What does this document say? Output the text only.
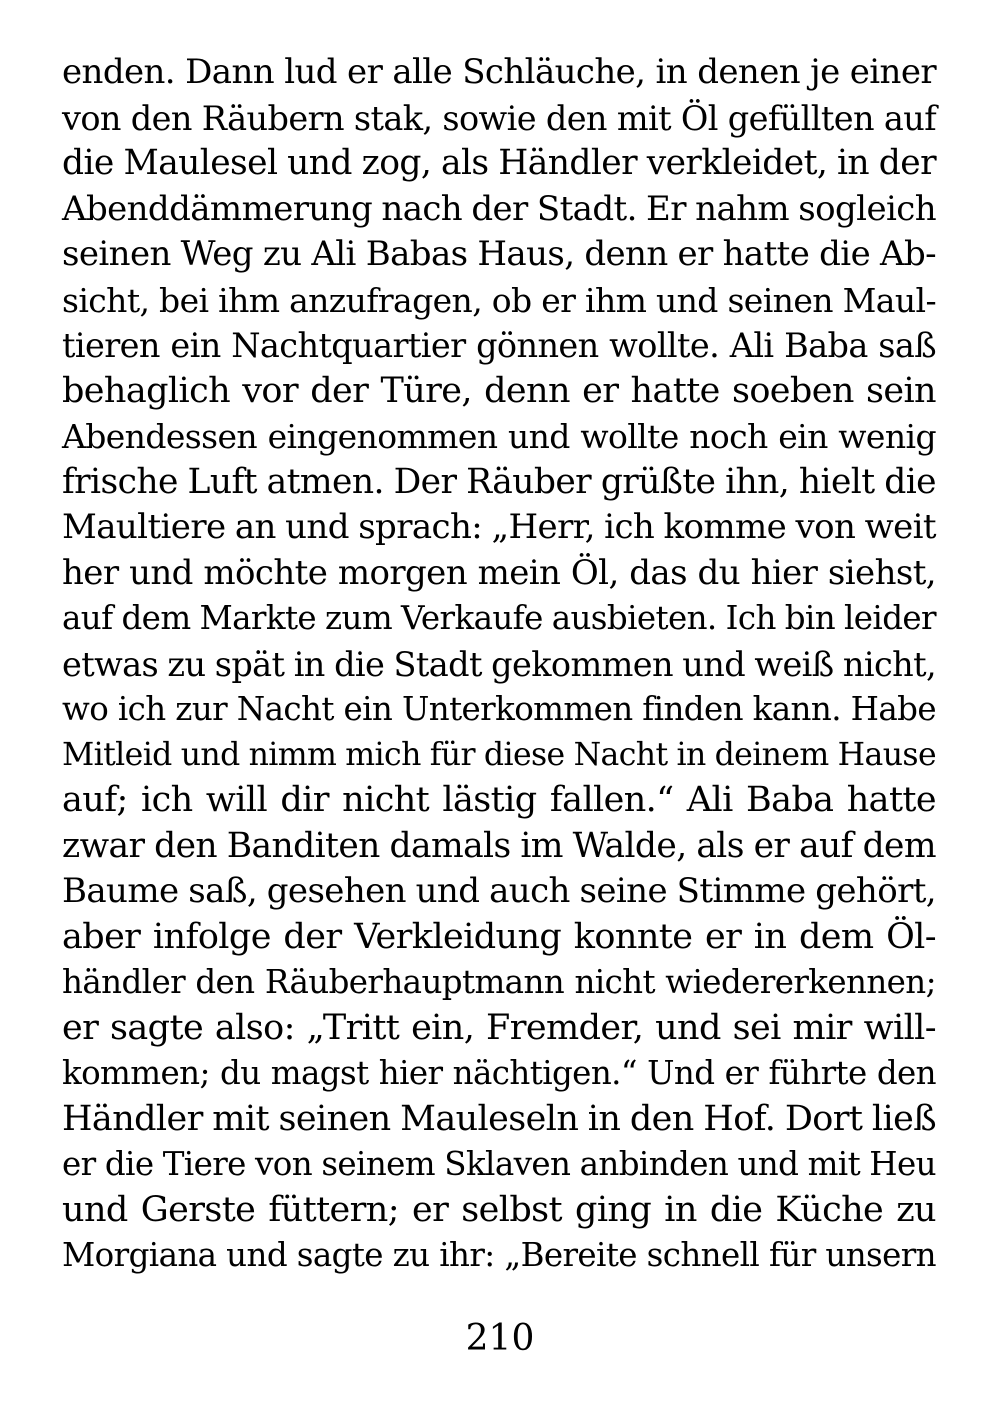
enden. Dann lud er alle Schläuche, in denen je einer
von den Räubern stak, sowie den mit Öl gefüllten auf
die Maulesel und zog, als Händler verkleidet, in der
Abenddämmerung nach der Stadt. Er nahm sogleich
seinen Weg zu Ali Babas Haus, denn er hatte die Ab-
sicht, bei ihm anzufragen, ob er ihm und seinen Maul-
tieren ein Nachtquartier gönnen wollte. Ali Baba saß
behaglich vor der Türe, denn er hatte soeben sein
Abendessen eingenommen und wollte noch ein wenig
frische Luft atmen. Der Räuber grüßte ihn, hielt die
Maultiere an und sprach: „Herr, ich komme von weit
her und möchte morgen mein Öl, das du hier siehst,
auf dem Markte zum Verkaufe ausbieten. Ich bin leider
etwas zu spät in die Stadt gekommen und weiß nicht,
wo ich zur Nacht ein Unterkommen finden kann. Habe
Mitleid und nimm mich für diese Nacht in deinem Hause
auf; ich will dir nicht lästig fallen.“ Ali Baba hatte
zwar den Banditen damals im Walde, als er auf dem
Baume saß, gesehen und auch seine Stimme gehört,
aber infolge der Verkleidung konnte er in dem Öl-
händler den Räuberhauptmann nicht wiedererkennen;
er sagte also: „Tritt ein, Fremder, und sei mir will-
kommen; du magst hier nächtigen.“ Und er führte den
Händler mit seinen Mauleseln in den Hof. Dort ließ
er die Tiere von seinem Sklaven anbinden und mit Heu
und Gerste füttern; er selbst ging in die Küche zu
Morgiana und sagte zu ihr: „Bereite schnell für unsern
210
